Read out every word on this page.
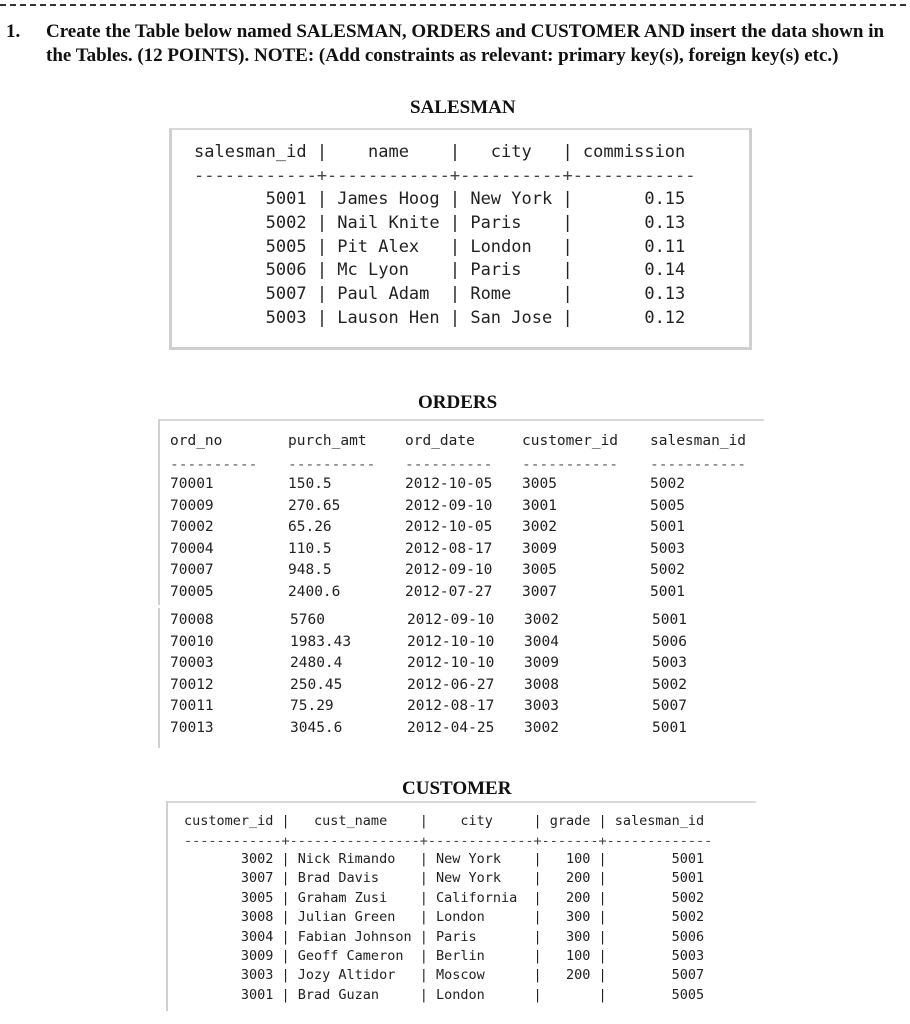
1. Create the Table below named SALESMAN, ORDERS and CUSTOMER AND insert the data shown in the Tables. (12 POINTS). NOTE: (Add constraints as relevant: primary key(s), foreign key(s) etc.)
SALESMAN
salesman_id |    name    |   city   | commission
------------+------------+----------+------------
5001 | James Hoog | New York |       0.15
5002 | Nail Knite | Paris    |       0.13
5005 | Pit Alex   | London   |       0.11
5006 | Mc Lyon    | Paris    |       0.14
5007 | Paul Adam  | Rome     |       0.13
5003 | Lauson Hen | San Jose |       0.12
ORDERS
ord_no	purch_amt	ord_date	customer_id salesman_id
---------- ---------- ---------- ----------- -----------
70001	150.5	2012-10-05 3005	5002
70009	270.65	2012-09-10 3001	5005
70002	65.26	2012-10-05 3002	5001
70004	110.5	2012-08-17 3009	5003
70007	948.5	2012-09-10 3005	5002
70005	2400.6	2012-07-27 3007	5001
70008	5760	2012-09-10 3002	5001
70010	1983.43	2012-10-10 3004	5006
70003	2480.4	2012-10-10 3009	5003
70012	250.45	2012-06-27 3008	5002
70011	75.29	2012-08-17 3003	5007
70013	3045.6	2012-04-25 3002	5001
CUSTOMER
customer_id |   cust_name    |    city     | grade | salesman_id
------------+----------------+-------------+-------+-------------
3002 | Nick Rimando   | New York    |   100 |        5001
3007 | Brad Davis     | New York    |   200 |        5001
3005 | Graham Zusi    | California  |   200 |        5002
3008 | Julian Green   | London      |   300 |        5002
3004 | Fabian Johnson | Paris       |   300 |        5006
3009 | Geoff Cameron  | Berlin      |   100 |        5003
3003 | Jozy Altidor   | Moscow      |   200 |        5007
3001 | Brad Guzan     | London      |       |        5005
